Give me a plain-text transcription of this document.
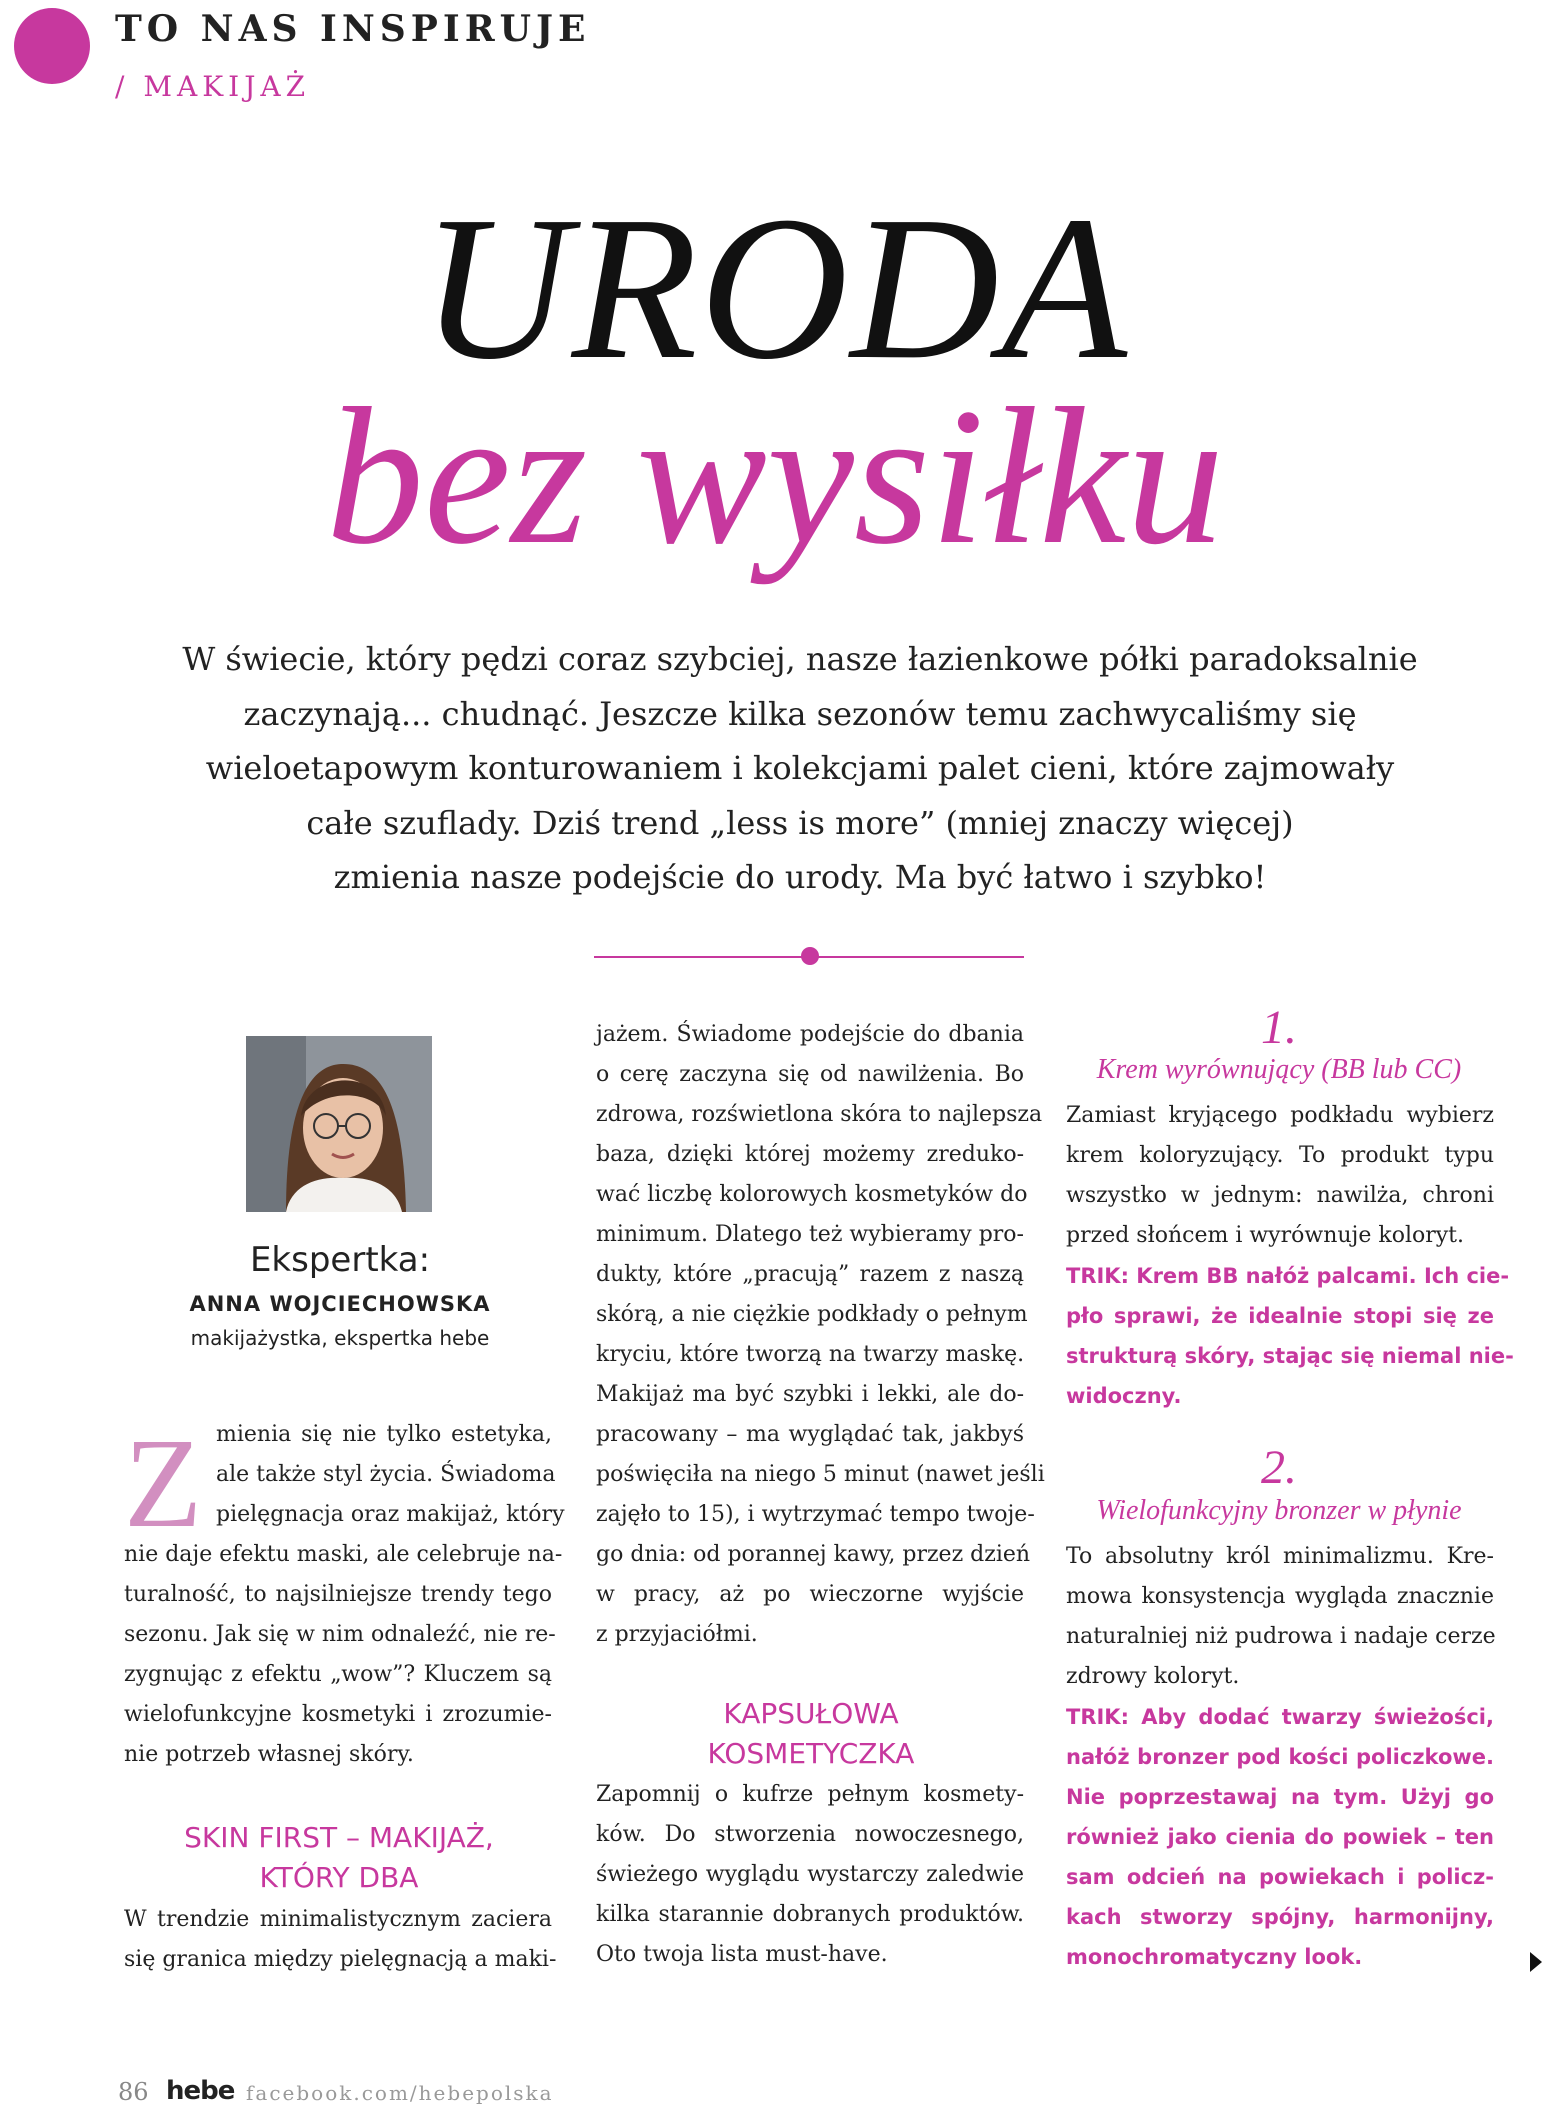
TO NAS INSPIRUJE
/ MAKIJAŻ
URODA
bez wysiłku
W świecie, który pędzi coraz szybciej, nasze łazienkowe półki paradoksalnie
zaczynają... chudnąć. Jeszcze kilka sezonów temu zachwycaliśmy się
wieloetapowym konturowaniem i kolekcjami palet cieni, które zajmowały
całe szuflady. Dziś trend „less is more” (mniej znaczy więcej)
zmienia nasze podejście do urody. Ma być łatwo i szybko!
Ekspertka:
ANNA WOJCIECHOWSKA
makijażystka, ekspertka hebe
Z mienia się nie tylko estetyka,
ale także styl życia. Świadoma
pielęgnacja oraz makijaż, który
nie daje efektu maski, ale celebruje na-
turalność, to najsilniejsze trendy tego
sezonu. Jak się w nim odnaleźć, nie re-
zygnując z efektu „wow”? Kluczem są
wielofunkcyjne kosmetyki i zrozumie-
nie potrzeb własnej skóry.
SKIN FIRST – MAKIJAŻ,
KTÓRY DBA
W trendzie minimalistycznym zaciera
się granica między pielęgnacją a maki-
jażem. Świadome podejście do dbania
o cerę zaczyna się od nawilżenia. Bo
zdrowa, rozświetlona skóra to najlepsza
baza, dzięki której możemy zreduko-
wać liczbę kolorowych kosmetyków do
minimum. Dlatego też wybieramy pro-
dukty, które „pracują” razem z naszą
skórą, a nie ciężkie podkłady o pełnym
kryciu, które tworzą na twarzy maskę.
Makijaż ma być szybki i lekki, ale do-
pracowany – ma wyglądać tak, jakbyś
poświęciła na niego 5 minut (nawet jeśli
zajęło to 15), i wytrzymać tempo twoje-
go dnia: od porannej kawy, przez dzień
w pracy, aż po wieczorne wyjście
z przyjaciółmi.
KAPSUŁOWA
KOSMETYCZKA
Zapomnij o kufrze pełnym kosmety-
ków. Do stworzenia nowoczesnego,
świeżego wyglądu wystarczy zaledwie
kilka starannie dobranych produktów.
Oto twoja lista must-have.
1.
Krem wyrównujący (BB lub CC)
Zamiast kryjącego podkładu wybierz
krem koloryzujący. To produkt typu
wszystko w jednym: nawilża, chroni
przed słońcem i wyrównuje koloryt.
TRIK: Krem BB nałóż palcami. Ich cie-
pło sprawi, że idealnie stopi się ze
strukturą skóry, stając się niemal nie-
widoczny.
2.
Wielofunkcyjny bronzer w płynie
To absolutny król minimalizmu. Kre-
mowa konsystencja wygląda znacznie
naturalniej niż pudrowa i nadaje cerze
zdrowy koloryt.
TRIK: Aby dodać twarzy świeżości,
nałóż bronzer pod kości policzkowe.
Nie poprzestawaj na tym. Użyj go
również jako cienia do powiek – ten
sam odcień na powiekach i policz-
kach stworzy spójny, harmonijny,
monochromatyczny look.
86 hebe facebook.com/hebepolska
